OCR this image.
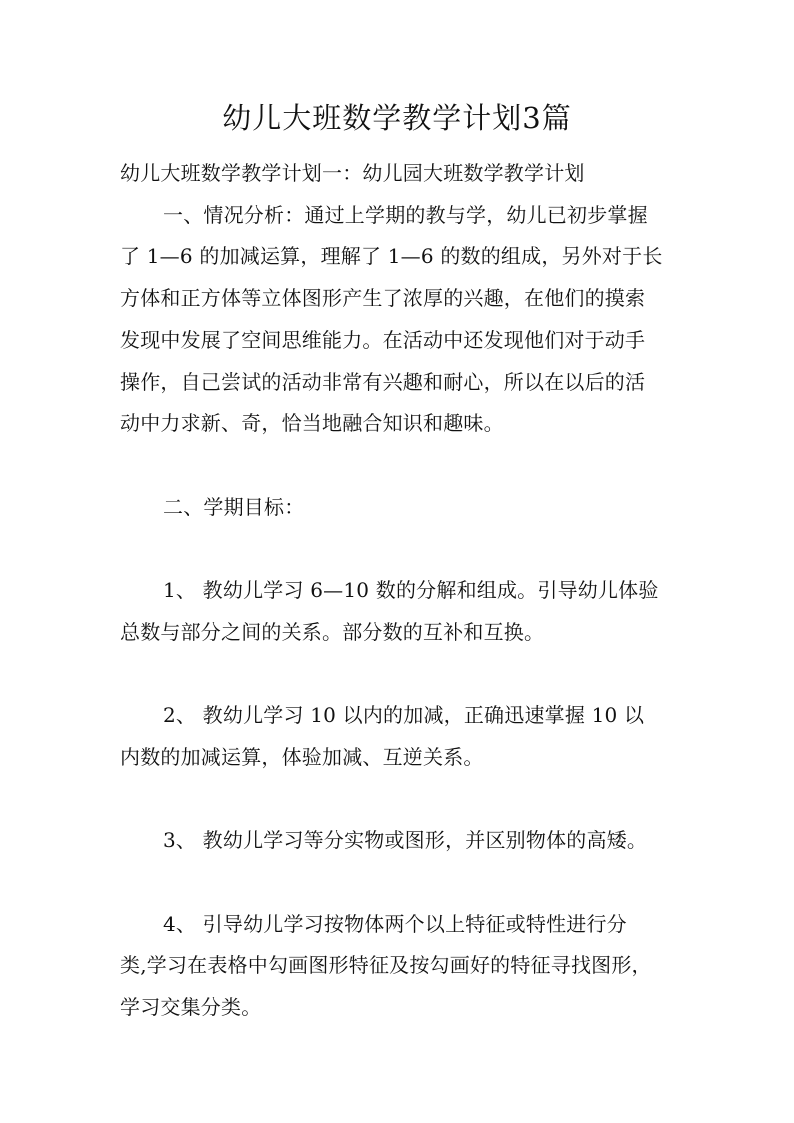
幼儿大班数学教学计划3篇
幼儿大班数学教学计划一：幼儿园大班数学教学计划
一、情况分析：通过上学期的教与学，幼儿已初步掌握
了 1—6 的加减运算，理解了 1—6 的数的组成，另外对于长
方体和正方体等立体图形产生了浓厚的兴趣，在他们的摸索
发现中发展了空间思维能力。在活动中还发现他们对于动手
操作，自己尝试的活动非常有兴趣和耐心，所以在以后的活
动中力求新、奇，恰当地融合知识和趣味。
二、学期目标：
1、 教幼儿学习 6—10 数的分解和组成。引导幼儿体验
总数与部分之间的关系。部分数的互补和互换。
2、 教幼儿学习 10 以内的加减，正确迅速掌握 10 以
内数的加减运算，体验加减、互逆关系。
3、 教幼儿学习等分实物或图形，并区别物体的高矮。
4、 引导幼儿学习按物体两个以上特征或特性进行分
类,学习在表格中勾画图形特征及按勾画好的特征寻找图形，
学习交集分类。
